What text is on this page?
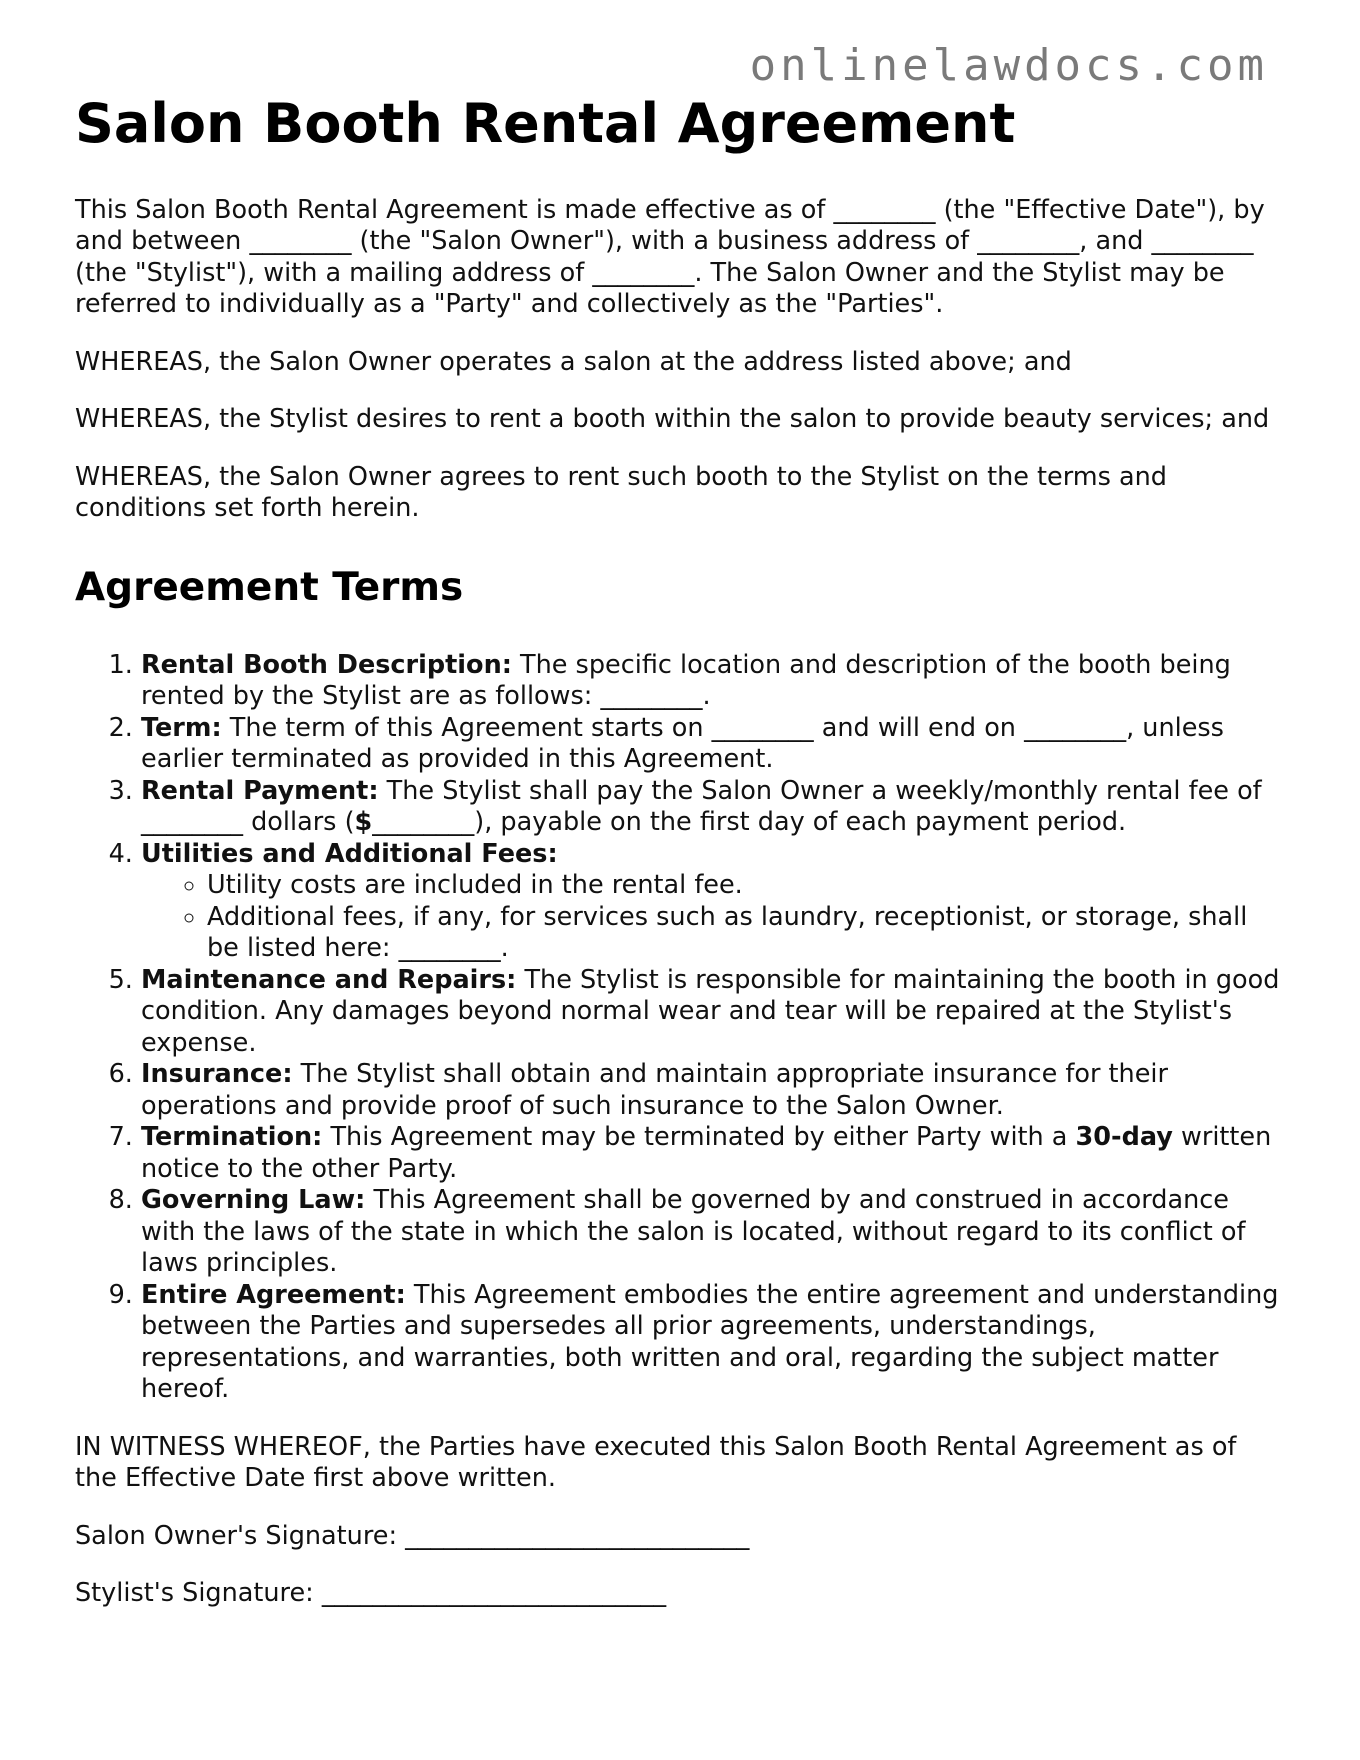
onlinelawdocs.com
Salon Booth Rental Agreement

This Salon Booth Rental Agreement is made effective as of ________ (the "Effective Date"), by and between ________ (the "Salon Owner"), with a business address of ________, and ________ (the "Stylist"), with a mailing address of ________. The Salon Owner and the Stylist may be referred to individually as a "Party" and collectively as the "Parties".

WHEREAS, the Salon Owner operates a salon at the address listed above; and

WHEREAS, the Stylist desires to rent a booth within the salon to provide beauty services; and

WHEREAS, the Salon Owner agrees to rent such booth to the Stylist on the terms and conditions set forth herein.

Agreement Terms
1. Rental Booth Description: The specific location and description of the booth being rented by the Stylist are as follows: ________.
2. Term: The term of this Agreement starts on ________ and will end on ________, unless earlier terminated as provided in this Agreement.
3. Rental Payment: The Stylist shall pay the Salon Owner a weekly/monthly rental fee of ________ dollars ($________), payable on the first day of each payment period.
4. Utilities and Additional Fees:
◦ Utility costs are included in the rental fee.
◦ Additional fees, if any, for services such as laundry, receptionist, or storage, shall be listed here: ________.
5. Maintenance and Repairs: The Stylist is responsible for maintaining the booth in good condition. Any damages beyond normal wear and tear will be repaired at the Stylist's expense.
6. Insurance: The Stylist shall obtain and maintain appropriate insurance for their operations and provide proof of such insurance to the Salon Owner.
7. Termination: This Agreement may be terminated by either Party with a 30-day written notice to the other Party.
8. Governing Law: This Agreement shall be governed by and construed in accordance with the laws of the state in which the salon is located, without regard to its conflict of laws principles.
9. Entire Agreement: This Agreement embodies the entire agreement and understanding between the Parties and supersedes all prior agreements, understandings, representations, and warranties, both written and oral, regarding the subject matter hereof.

IN WITNESS WHEREOF, the Parties have executed this Salon Booth Rental Agreement as of the Effective Date first above written.

Salon Owner's Signature: ___________________________

Stylist's Signature: ___________________________
